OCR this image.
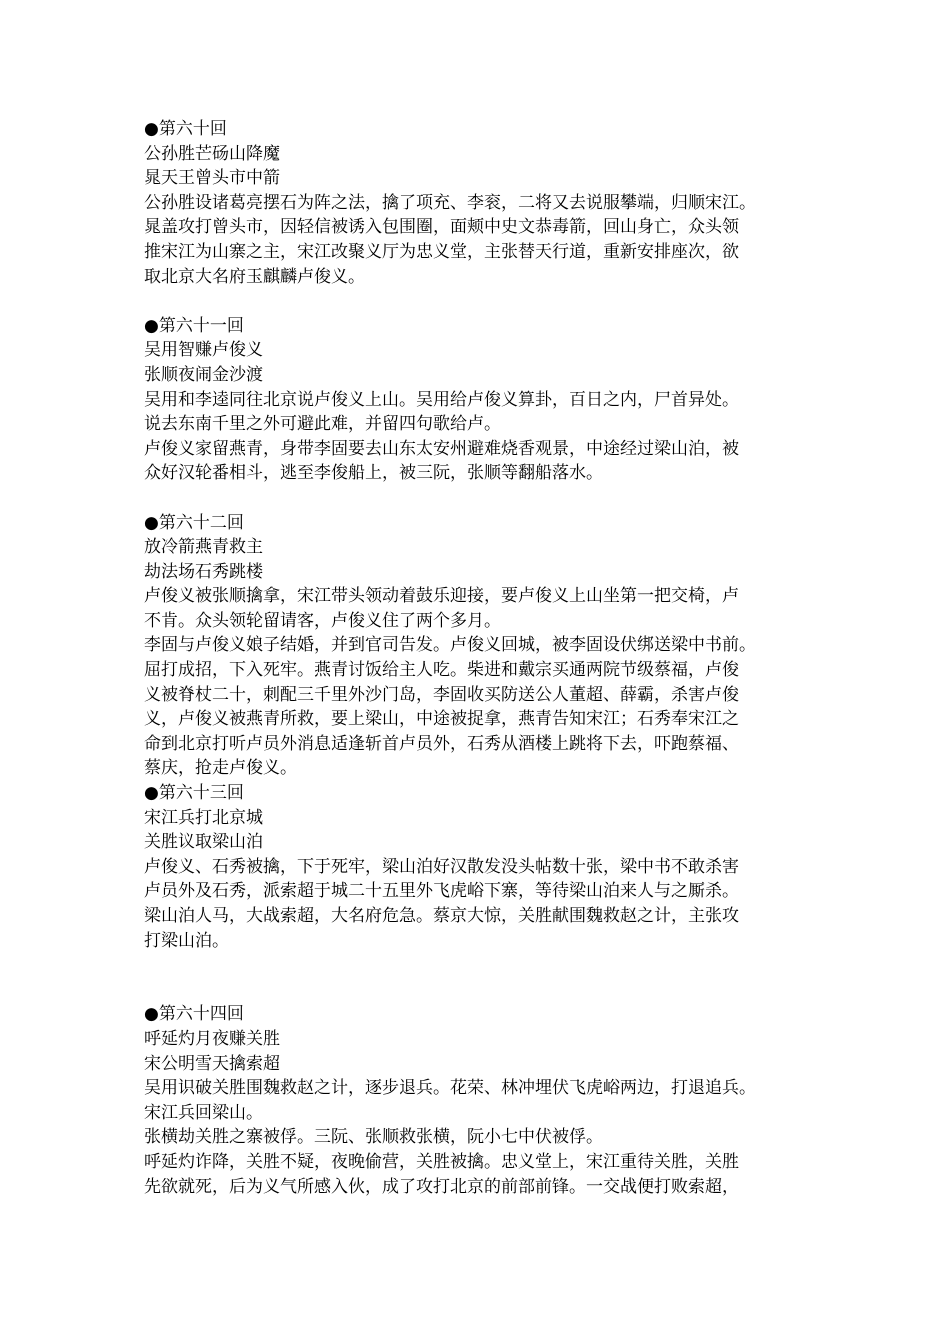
●第六十回
公孙胜芒砀山降魔
晁天王曾头市中箭
公孙胜设诸葛亮摆石为阵之法，擒了项充、李衮，二将又去说服攀端，归顺宋江。
晁盖攻打曾头市，因轻信被诱入包围圈，面颊中史文恭毒箭，回山身亡，众头领
推宋江为山寨之主，宋江改聚义厅为忠义堂，主张替天行道，重新安排座次，欲
取北京大名府玉麒麟卢俊义。
●第六十一回
吴用智赚卢俊义
张顺夜闹金沙渡
吴用和李逵同往北京说卢俊义上山。吴用给卢俊义算卦，百日之内，尸首异处。
说去东南千里之外可避此难，并留四句歌给卢。
卢俊义家留燕青，身带李固要去山东太安州避难烧香观景，中途经过梁山泊，被
众好汉轮番相斗，逃至李俊船上，被三阮，张顺等翻船落水。
●第六十二回
放冷箭燕青救主
劫法场石秀跳楼
卢俊义被张顺擒拿，宋江带头领动着鼓乐迎接，要卢俊义上山坐第一把交椅，卢
不肯。众头领轮留请客，卢俊义住了两个多月。
李固与卢俊义娘子结婚，并到官司告发。卢俊义回城，被李固设伏绑送梁中书前。
屈打成招，下入死牢。燕青讨饭给主人吃。柴进和戴宗买通两院节级蔡福，卢俊
义被脊杖二十，刺配三千里外沙门岛，李固收买防送公人董超、薛霸，杀害卢俊
义，卢俊义被燕青所救，要上梁山，中途被捉拿，燕青告知宋江；石秀奉宋江之
命到北京打听卢员外消息适逢斩首卢员外，石秀从酒楼上跳将下去，吓跑蔡福、
蔡庆，抢走卢俊义。
●第六十三回
宋江兵打北京城
关胜议取梁山泊
卢俊义、石秀被擒，下于死牢，梁山泊好汉散发没头帖数十张，梁中书不敢杀害
卢员外及石秀，派索超于城二十五里外飞虎峪下寨，等待梁山泊来人与之厮杀。
梁山泊人马，大战索超，大名府危急。蔡京大惊，关胜献围魏救赵之计，主张攻
打梁山泊。
●第六十四回
呼延灼月夜赚关胜
宋公明雪天擒索超
吴用识破关胜围魏救赵之计，逐步退兵。花荣、林冲埋伏飞虎峪两边，打退追兵。
宋江兵回梁山。
张横劫关胜之寨被俘。三阮、张顺救张横，阮小七中伏被俘。
呼延灼诈降，关胜不疑，夜晚偷营，关胜被擒。忠义堂上，宋江重待关胜，关胜
先欲就死，后为义气所感入伙，成了攻打北京的前部前锋。一交战便打败索超，
